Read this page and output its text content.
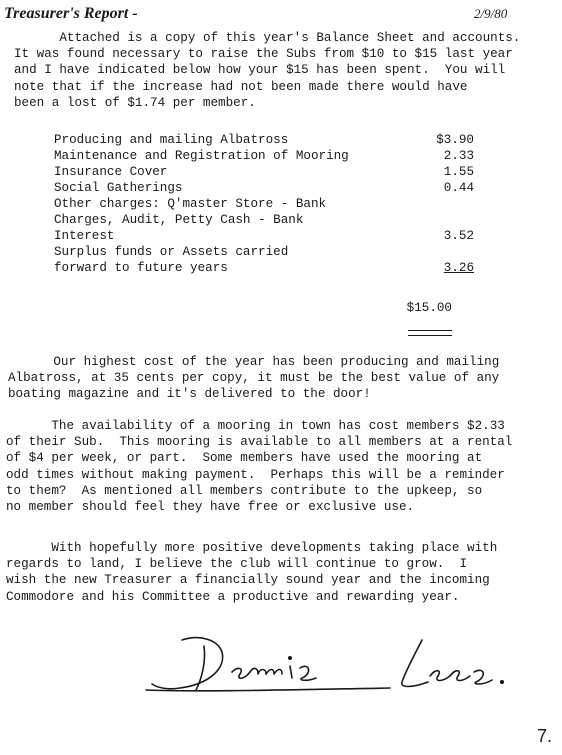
Treasurer's Report -	2/9/80

Attached is a copy of this year's Balance Sheet and accounts.
It was found necessary to raise the Subs from $10 to $15 last year
and I have indicated below how your $15 has been spent.  You will
note that if the increase had not been made there would have
been a lost of $1.74 per member.

Producing and mailing Albatross	$3.90
Maintenance and Registration of Mooring	2.33
Insurance Cover	1.55
Social Gatherings	0.44
Other charges: Q'master Store - Bank
Charges, Audit, Petty Cash - Bank
Interest	3.52
Surplus funds or Assets carried
forward to future years	3.26
$15.00

Our highest cost of the year has been producing and mailing
Albatross, at 35 cents per copy, it must be the best value of any
boating magazine and it's delivered to the door!

The availability of a mooring in town has cost members $2.33
of their Sub.  This mooring is available to all members at a rental
of $4 per week, or part.  Some members have used the mooring at
odd times without making payment.  Perhaps this will be a reminder
to them?  As mentioned all members contribute to the upkeep, so
no member should feel they have free or exclusive use.

With hopefully more positive developments taking place with
regards to land, I believe the club will continue to grow.  I
wish the new Treasurer a financially sound year and the incoming
Commodore and his Committee a productive and rewarding year.

7.
